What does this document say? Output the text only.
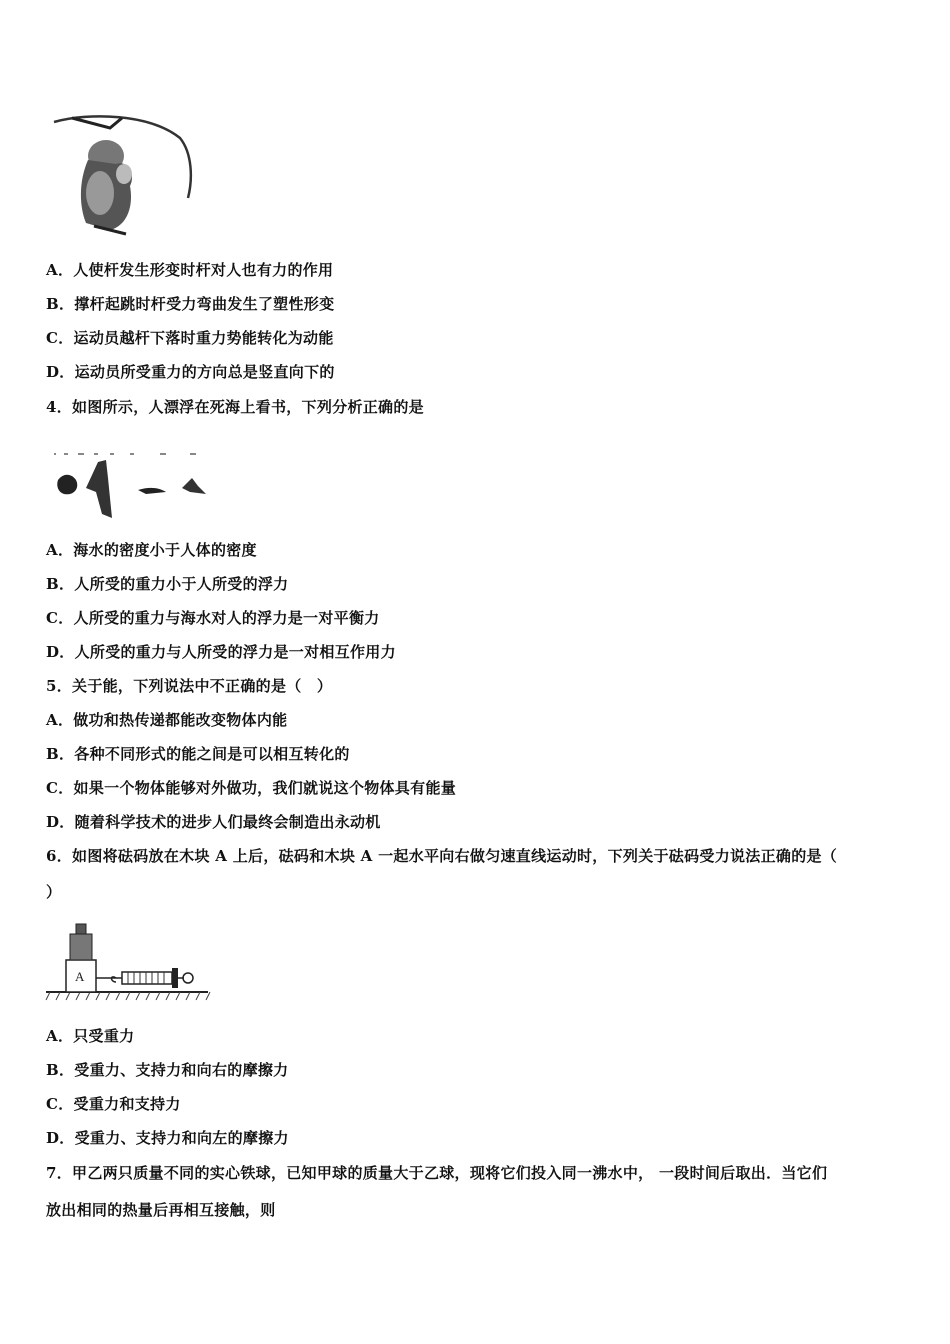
A．人使杆发生形变时杆对人也有力的作用
B．撑杆起跳时杆受力弯曲发生了塑性形变
C．运动员越杆下落时重力势能转化为动能
D．运动员所受重力的方向总是竖直向下的
4．如图所示，人漂浮在死海上看书，下列分析正确的是
A．海水的密度小于人体的密度
B．人所受的重力小于人所受的浮力
C．人所受的重力与海水对人的浮力是一对平衡力
D．人所受的重力与人所受的浮力是一对相互作用力
5．关于能，下列说法中不正确的是（　）
A．做功和热传递都能改变物体内能
B．各种不同形式的能之间是可以相互转化的
C．如果一个物体能够对外做功，我们就说这个物体具有能量
D．随着科学技术的进步人们最终会制造出永动机
6．如图将砝码放在木块 A 上后，砝码和木块 A 一起水平向右做匀速直线运动时，下列关于砝码受力说法正确的是（
）
A
A．只受重力
B．受重力、支持力和向右的摩擦力
C．受重力和支持力
D．受重力、支持力和向左的摩擦力
7．甲乙两只质量不同的实心铁球，已知甲球的质量大于乙球，现将它们投入同一沸水中， 一段时间后取出．当它们
放出相同的热量后再相互接触，则
